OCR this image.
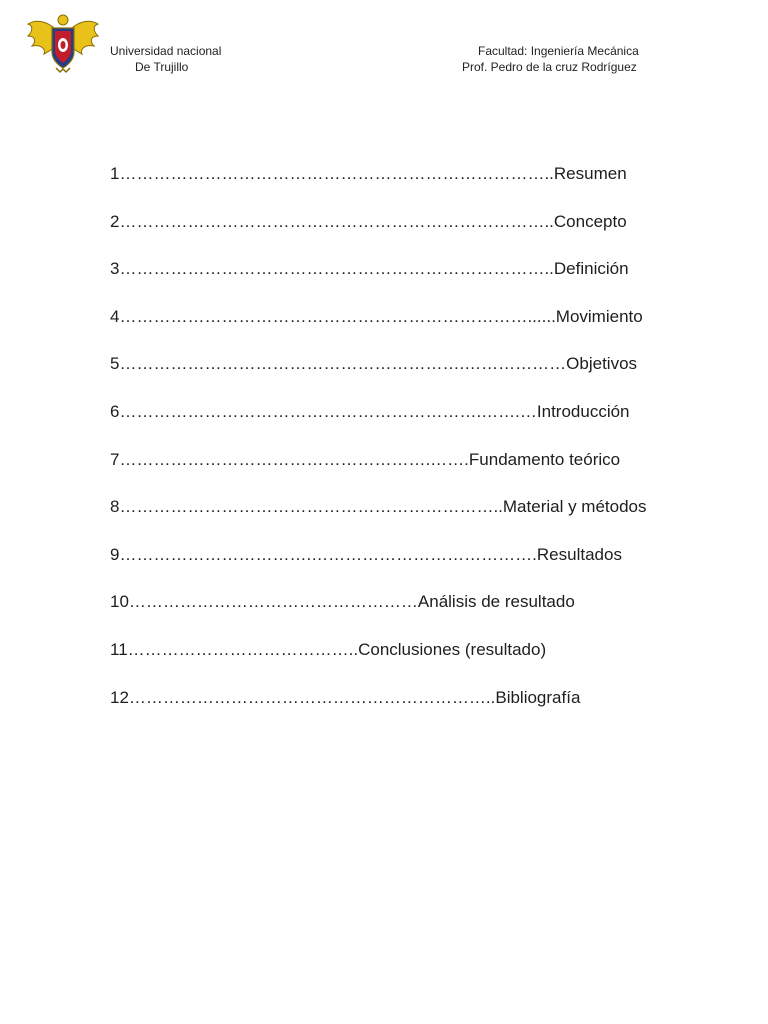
Universidad nacional
De Trujillo
Facultad: Ingeniería Mecánica
Prof. Pedro de la cruz Rodríguez
1…………………………………………………………………..Resumen
2…………………………………………………………………..Concepto
3…………………………………………………………………..Definición
4………………………………………………………………......Movimiento
5…………………………………………………….………………Objetivos
6……………………………………………………….…….…Introducción
7……………………………………………….…….Fundamento teórico
8…………………………………………………………..Material y métodos
9…………………………….………………………………….Resultados
10……………………………………………Análisis de resultado
11…………………………………..Conclusiones (resultado)
12………………………………………………………..Bibliografía
